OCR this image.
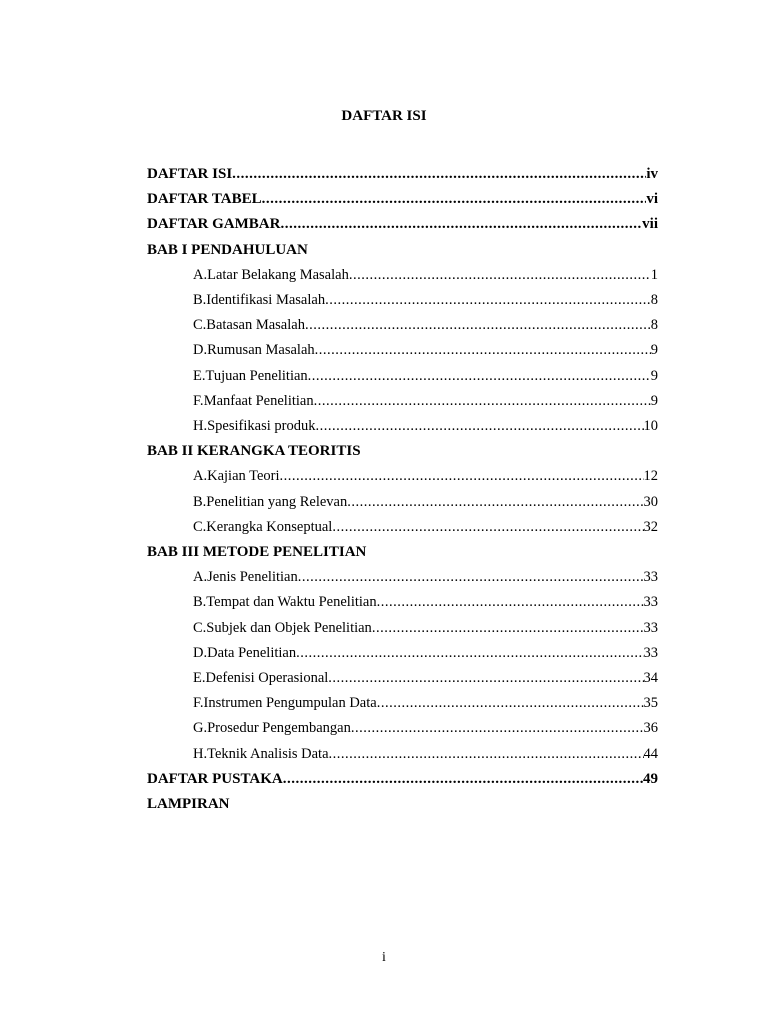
DAFTAR ISI
DAFTAR ISI .....	iv
DAFTAR TABEL .....	vi
DAFTAR GAMBAR .....	vii
BAB I PENDAHULUAN
A. Latar Belakang Masalah .....	1
B. Identifikasi Masalah .....	8
C. Batasan Masalah .....	8
D. Rumusan Masalah .....	9
E. Tujuan Penelitian .....	9
F. Manfaat Penelitian .....	9
H. Spesifikasi produk .....	10
BAB II KERANGKA TEORITIS
A. Kajian Teori .....	12
B. Penelitian yang Relevan .....	30
C. Kerangka Konseptual .....	32
BAB III METODE PENELITIAN
A. Jenis Penelitian .....	33
B. Tempat dan Waktu Penelitian .....	33
C. Subjek dan Objek Penelitian .....	33
D. Data Penelitian .....	33
E. Defenisi Operasional .....	34
F. Instrumen Pengumpulan Data .....	35
G. Prosedur Pengembangan .....	36
H. Teknik Analisis Data .....	44
DAFTAR PUSTAKA .....	49
LAMPIRAN
i
